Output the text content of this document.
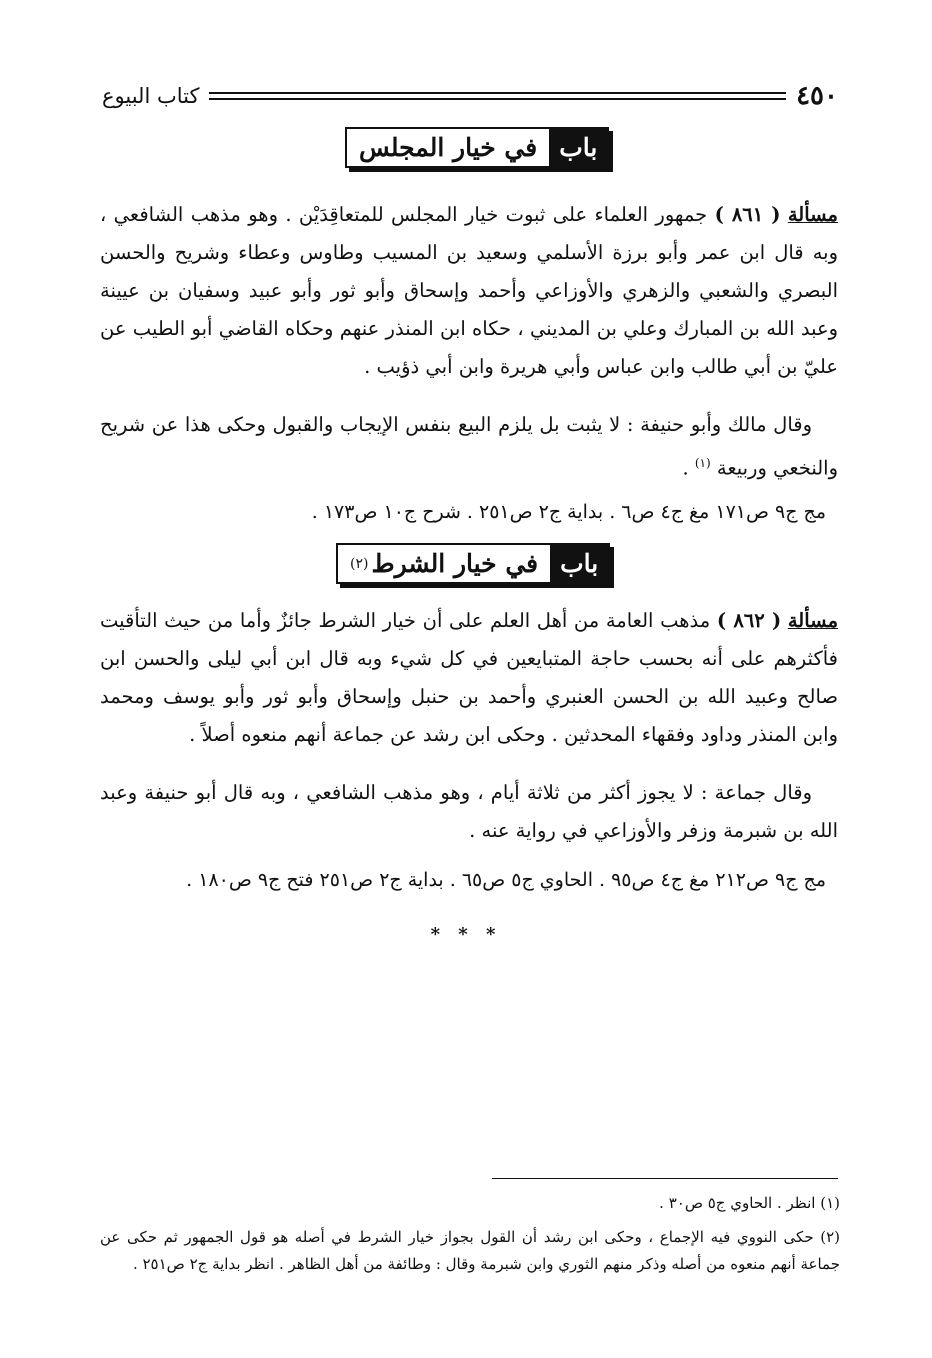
٤٥٠
كتاب البيوع
باب
في خيار المجلس
مسألة ( ٨٦١ ) جمهور العلماء على ثبوت خيار المجلس للمتعاقِدَيْن . وهو مذهب الشافعي ، وبه قال ابن عمر وأبو برزة الأسلمي وسعيد بن المسيب وطاوس وعطاء وشريح والحسن البصري والشعبي والزهري والأوزاعي وأحمد وإسحاق وأبو ثور وأبو عبيد وسفيان بن عيينة وعبد الله بن المبارك وعلي بن المديني ، حكاه ابن المنذر عنهم وحكاه القاضي أبو الطيب عن عليّ بن أبي طالب وابن عباس وأبي هريرة وابن أبي ذؤيب .
وقال مالك وأبو حنيفة : لا يثبت بل يلزم البيع بنفس الإيجاب والقبول وحكى هذا عن شريح والنخعي وربيعة $^{(١)}$ .
مج ج٩ ص١٧١ مغ ج٤ ص٦ . بداية ج٢ ص٢٥١ . شرح ج١٠ ص١٧٣ .
باب
في خيار الشرط
(٢)
مسألة ( ٨٦٢ ) مذهب العامة من أهل العلم على أن خيار الشرط جائزٌ وأما من حيث التأقيت فأكثرهم على أنه بحسب حاجة المتبايعين في كل شيء وبه قال ابن أبي ليلى والحسن ابن صالح وعبيد الله بن الحسن العنبري وأحمد بن حنبل وإسحاق وأبو ثور وأبو يوسف ومحمد وابن المنذر وداود وفقهاء المحدثين . وحكى ابن رشد عن جماعة أنهم منعوه أصلاً .
وقال جماعة : لا يجوز أكثر من ثلاثة أيام ، وهو مذهب الشافعي ، وبه قال أبو حنيفة وعبد الله بن شبرمة وزفر والأوزاعي في رواية عنه .
مج ج٩ ص٢١٢ مغ ج٤ ص٩٥ . الحاوي ج٥ ص٦٥ . بداية ج٢ ص٢٥١ فتح ج٩ ص١٨٠ .
* * *
(١) انظر . الحاوي ج٥ ص٣٠ .
(٢) حكى النووي فيه الإجماع ، وحكى ابن رشد أن القول بجواز خيار الشرط في أصله هو قول الجمهور ثم حكى عن جماعة أنهم منعوه من أصله وذكر منهم الثوري وابن شبرمة وقال : وطائفة من أهل الظاهر . انظر بداية ج٢ ص٢٥١ .
